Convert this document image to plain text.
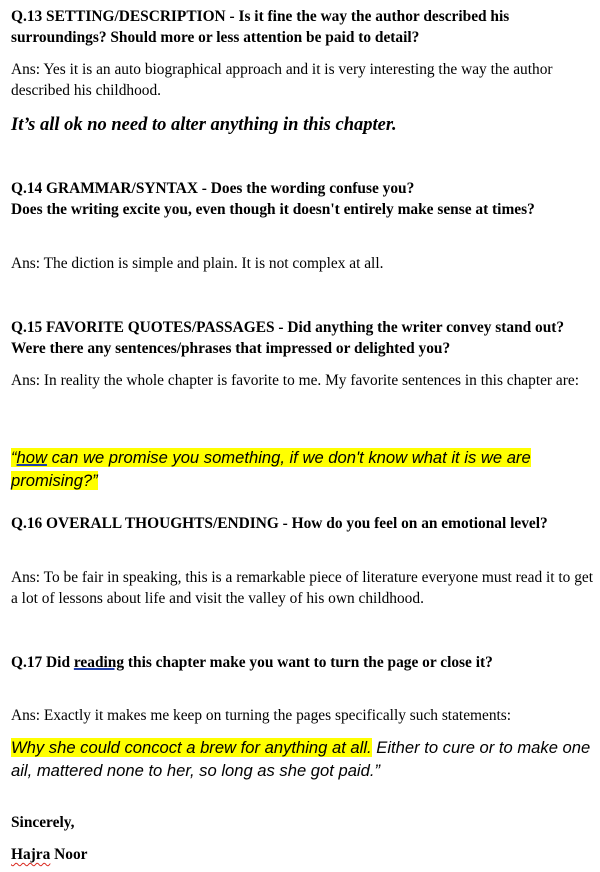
Q.13 SETTING/DESCRIPTION - Is it fine the way the author described his surroundings? Should more or less attention be paid to detail?

Ans: Yes it is an auto biographical approach and it is very interesting the way the author described his childhood.

It’s all ok no need to alter anything in this chapter.

Q.14 GRAMMAR/SYNTAX - Does the wording confuse you?
Does the writing excite you, even though it doesn't entirely make sense at times?

Ans: The diction is simple and plain. It is not complex at all.

Q.15 FAVORITE QUOTES/PASSAGES - Did anything the writer convey stand out? Were there any sentences/phrases that impressed or delighted you?

Ans: In reality the whole chapter is favorite to me. My favorite sentences in this chapter are:

“how can we promise you something, if we don't know what it is we are promising?”

Q.16 OVERALL THOUGHTS/ENDING - How do you feel on an emotional level?

Ans: To be fair in speaking, this is a remarkable piece of literature everyone must read it to get a lot of lessons about life and visit the valley of his own childhood.

Q.17 Did reading this chapter make you want to turn the page or close it?

Ans: Exactly it makes me keep on turning the pages specifically such statements:

Why she could concoct a brew for anything at all. Either to cure or to make one ail, mattered none to her, so long as she got paid.”

Sincerely,

Hajra Noor
